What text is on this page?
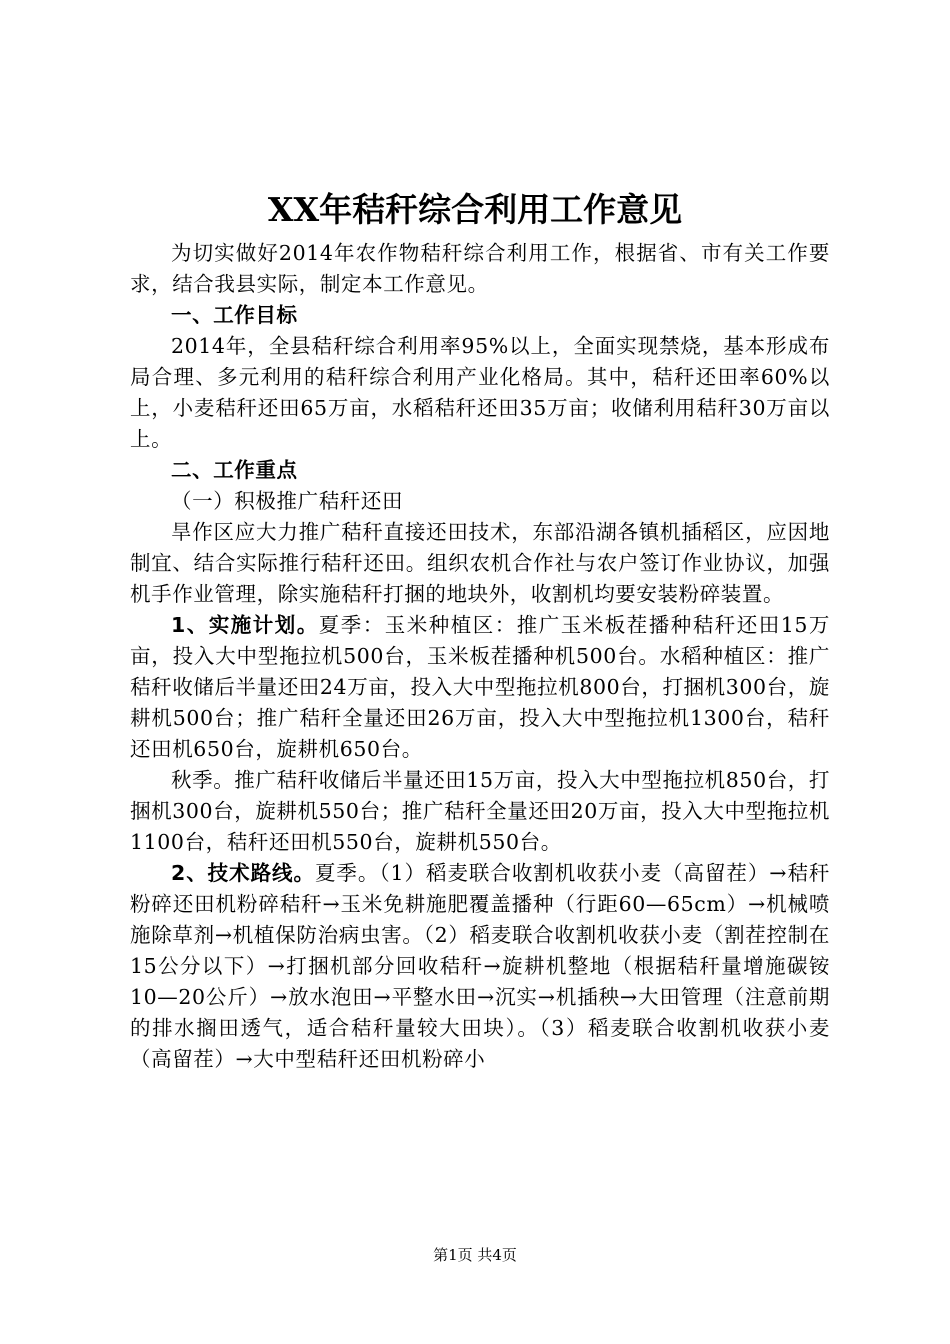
XX年秸秆综合利用工作意见

为切实做好2014年农作物秸秆综合利用工作，根据省、市有关工作要求，结合我县实际，制定本工作意见。

一、工作目标

2014年，全县秸秆综合利用率95%以上，全面实现禁烧，基本形成布局合理、多元利用的秸秆综合利用产业化格局。其中，秸秆还田率60%以上，小麦秸秆还田65万亩，水稻秸秆还田35万亩；收储利用秸秆30万亩以上。

二、工作重点

（一）积极推广秸秆还田

旱作区应大力推广秸秆直接还田技术，东部沿湖各镇机插稻区，应因地制宜、结合实际推行秸秆还田。组织农机合作社与农户签订作业协议，加强机手作业管理，除实施秸秆打捆的地块外，收割机均要安装粉碎装置。

1、实施计划。夏季：玉米种植区：推广玉米板茬播种秸秆还田15万亩，投入大中型拖拉机500台，玉米板茬播种机500台。水稻种植区：推广秸秆收储后半量还田24万亩，投入大中型拖拉机800台，打捆机300台，旋耕机500台；推广秸秆全量还田26万亩，投入大中型拖拉机1300台，秸秆还田机650台，旋耕机650台。

秋季。推广秸秆收储后半量还田15万亩，投入大中型拖拉机850台，打捆机300台，旋耕机550台；推广秸秆全量还田20万亩，投入大中型拖拉机1100台，秸秆还田机550台，旋耕机550台。

2、技术路线。夏季。（1）稻麦联合收割机收获小麦（高留茬）→秸秆粉碎还田机粉碎秸秆→玉米免耕施肥覆盖播种（行距60—65cm）→机械喷施除草剂→机植保防治病虫害。（2）稻麦联合收割机收获小麦（割茬控制在15公分以下）→打捆机部分回收秸秆→旋耕机整地（根据秸秆量增施碳铵10—20公斤）→放水泡田→平整水田→沉实→机插秧→大田管理（注意前期的排水搁田透气，适合秸秆量较大田块）。（3）稻麦联合收割机收获小麦（高留茬）→大中型秸秆还田机粉碎小

第1页 共4页
